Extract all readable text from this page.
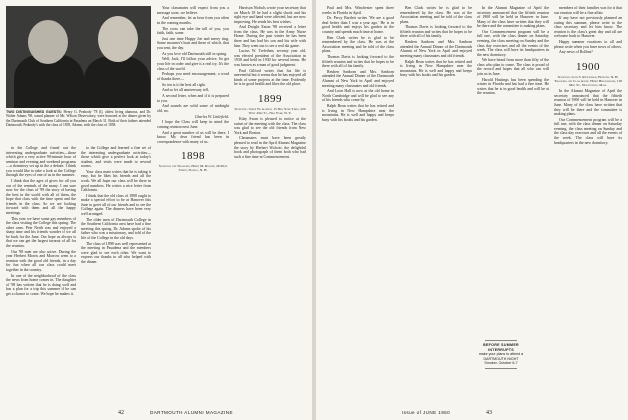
TWO DISTINGUISHED GUESTS: Henry G. Peabody '78 (l), oldest living alumnus, and Dr. Walter Adams '98, sound planner of Mr. Wilson Observatory, were honored at the dinner given by the Dartmouth Club of Southern California in Pasadena on March 31. Both of their fathers attended Dartmouth. Peabody's with the class of 1839, Adams, with the class of 1858.

in the College and found out the interesting undergraduate activities—those which give a very active 90-minute hour of seminar and evening and weekend programs—a dormitory set up in the a debate. I think you would like to take a look at the College through the eyes of one of us in the summer.

I think that the ages of gives for all you out of the reminds of the many. I am sure now for the class of '99 the story of having the best in the world with all of them, the hope that class with the time spent and the friends in the class. So we are looking forward with them and all the happy meetings.

This year we have some gay members of the class visiting the College this spring. The other ones. Pete Nerth was and enjoyed a sharp time and his friends wonder if we all be back for the June. Our hope as always is that we can get the largest turnout of all for the reunion.

Our '98 men are also active. During the year Herbert Morris and Morrow went to a reunion with the good old friends, in a day for fun when all our class could meet together in the country.

In one of the neighborhood of the class the news from home comes in. The daughter of '98 has written that he is doing well and has a plan for a trip this summer if he can get a chance to come. We hope he makes it.

to the College and learned a fine set of the interesting undergraduate activities—those which give a perfect look at today's student, and visits were made to several rooms.

Your class mate writes that he is taking it easy, but he likes his friends and all the work. We all hope our class will be there in good numbers. He writes a nice letter from California.

I think that the old class of 1898 ought to make a special effort to be at Hanover this June to greet all of our friends and to see the College again. The dinners have been very well arranged.

The older men of Dartmouth College in the Southern California area have had a fine meeting this spring. Dr. Adams spoke of his father who was a missionary, and told of the life of the College in the old days.

The class of 1898 was well represented at the meeting in Pasadena and the members were glad to see each other. We want to express our thanks to all who helped with the dinner.

Your classmates will expect from you a message soon, we believe.

And remember, let us hear from you often in the coming months.

The cross can take the toll of you, you faith, faith, some.

Just one time Happy Joe and merry ring, Some mourner's boat and these of which, that you sent, the day.

As you love old Dartmouth still in spring.

Well, Jack, I'll follow your advice, So get your life in order and give it a real try, It's the class of the world.

Perhaps you need encouragement, a word of thanks there—

So ten is it the best all right.

And so let all anniversary tell,

A second letter, when and if it is prepared to you.

And sounds are solid some of midnight old, no.

Charles W. Littlefield.

I hope the Class will keep in mind the coming reunion next June.

And a great number of us will be there, I know. My dear friend has been in correspondence with many of us.

1898

Secretary and Treasurer, Henry M. Rollins, 26 Main Street, Nashua, N. H.

Harrison Nichols wrote your secretary that on March 18 he had a slight shock and his right eye and hand were affected, but are now improving. He sends his best wishes.

And Dwight Eaton '98 received a letter from the class. He was in the Army Nurse Home. During the past winter he has been there and has had his son and his wife with him. They went out to see a real ski game.

Lucius W. Trefethen, seventy year old, was elected president of the Association in 1930 and held in 1930 for several terms. He was known as a man of good judgment.

Paul Gilford writes that his life is uneventful but it seems that he has enjoyed all kinds of some projects at the time. Evidently he is in good health and likes the old place.

1899

Secretary, Joseph W. Gannon, 15 New York Times, 229 West 43rd St., New York, N. Y.

Kitty Swan is pleased to notice at the outset of the meeting with the class. The class was glad to see the old friends from New York and Boston.

Classmates must have been greatly pleased to read in the April Alumni Magazine the story by Herbert Wolcott, the delightful book and photograph of them both who had such a fine time at Commencement.

42	DARTMOUTH ALUMNI MAGAZINE

Paul and Mrs. Winchester spent three weeks in Florida in April.

Dr. Percy Bartlett writes 'We are a good deal better than I was a year ago.' He is in good health and enjoys his garden in the country and spends much time at home.

Ben Clark writes he is glad to be remembered by the class. He was at the Association meeting and he told of the class plans.

Thomas Davis is looking forward to the fiftieth reunion and writes that he hopes to be there with all of his family.

Reuben Sanborn and Mrs. Sanborn attended the Annual Dinner of the Dartmouth Alumni of New York in April and enjoyed meeting many classmates and old friends.

And Leon Hall is now at the old home in North Cambridge and will be glad to see any of his friends who come by.

Ralph Bean writes that he has retired and is living in New Hampshire near the mountains. He is well and happy and keeps busy with his books and his garden.

Ben Clark writes he is glad to be remembered by the class. He was at the Association meeting and he told of the class plans.

Thomas Davis is looking forward to the fiftieth reunion and writes that he hopes to be there with all of his family.

Reuben Sanborn and Mrs. Sanborn attended the Annual Dinner of the Dartmouth Alumni of New York in April and enjoyed meeting many classmates and old friends.

Ralph Bean writes that he has retired and is living in New Hampshire near the mountains. He is well and happy and keeps busy with his books and his garden.

In the Alumni Magazine of April the secretary announced that the fiftieth reunion of 1900 will be held in Hanover in June. Many of the class have written that they will be there and the committee is making plans.

Our Commencement program will be a full one, with the class dinner on Saturday evening, the class meeting on Sunday and the class day exercises and all the events of the week. The class will have its headquarters in the new dormitory.

We have heard from more than fifty of the class who plan to come. The class is proud of the record and hopes that all who can will join us in June.

Harold Hastings has been spending the winter in Florida and has had a fine time. He writes that he is in good health and will be at the reunion.

BEFORE SUMMER INTERRUPTS
make your plans to attend a DARTMOUTH NIGHT Smoker, October 6-7

members of their families was for it that our reunion will be a fine affair.

If any have not previously planned an outing this summer, please write to the class secretary and let him know. The reunion is the class's great day and all are welcome back to Hanover.

Happy summer vacations to all and please write when you have news of others.

Any news of Rollins?

1900

Secretary, Leon S. Richardson, Hanover, N. H. Treasurer and Class Agent, Henry Brocklebank, 118 Mill St., Newtonville, Mass.

In the Alumni Magazine of April the secretary announced that the fiftieth reunion of 1900 will be held in Hanover in June. Many of the class have written that they will be there and the committee is making plans.

Our Commencement program will be a full one, with the class dinner on Saturday evening, the class meeting on Sunday and the class day exercises and all the events of the week. The class will have its headquarters in the new dormitory.

Issue of JUNE 1950	43
